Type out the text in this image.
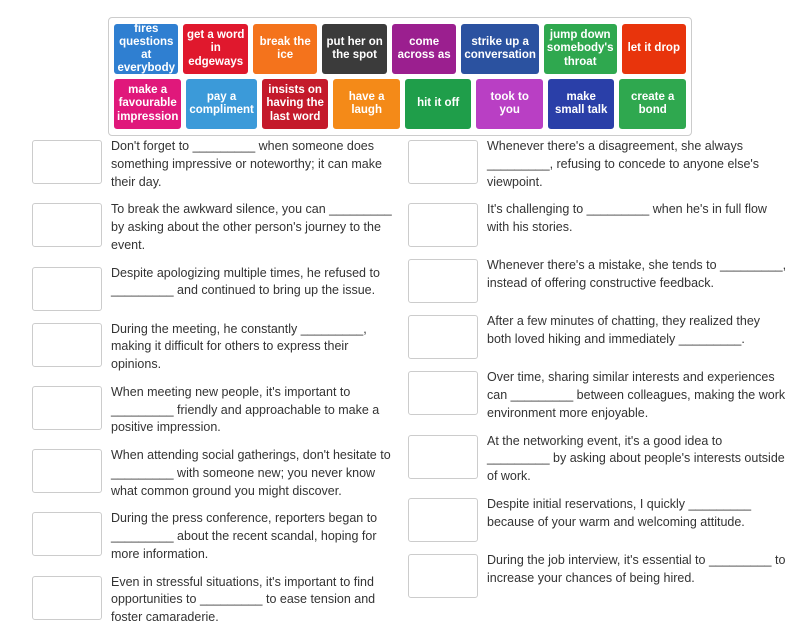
fires questions at everybody
get a word in edgeways
break the ice
put her on the spot
come across as
strike up a conversation
jump down somebody's throat
let it drop
make a favourable impression
pay a compliment
insists on having the last word
have a laugh
hit it off
took to you
make small talk
create a bond
Don't forget to _________ when someone does something impressive or noteworthy; it can make their day.
To break the awkward silence, you can _________ by asking about the other person's journey to the event.
Despite apologizing multiple times, he refused to _________ and continued to bring up the issue.
During the meeting, he constantly _________, making it difficult for others to express their opinions.
When meeting new people, it's important to _________ friendly and approachable to make a positive impression.
When attending social gatherings, don't hesitate to _________ with someone new; you never know what common ground you might discover.
During the press conference, reporters began to _________ about the recent scandal, hoping for more information.
Even in stressful situations, it's important to find opportunities to _________ to ease tension and foster camaraderie.
Whenever there's a disagreement, she always _________, refusing to concede to anyone else's viewpoint.
It's challenging to _________ when he's in full flow with his stories.
Whenever there's a mistake, she tends to _________, instead of offering constructive feedback.
After a few minutes of chatting, they realized they both loved hiking and immediately _________.
Over time, sharing similar interests and experiences can _________ between colleagues, making the work environment more enjoyable.
At the networking event, it's a good idea to _________ by asking about people's interests outside of work.
Despite initial reservations, I quickly _________ because of your warm and welcoming attitude.
During the job interview, it's essential to _________ to increase your chances of being hired.
